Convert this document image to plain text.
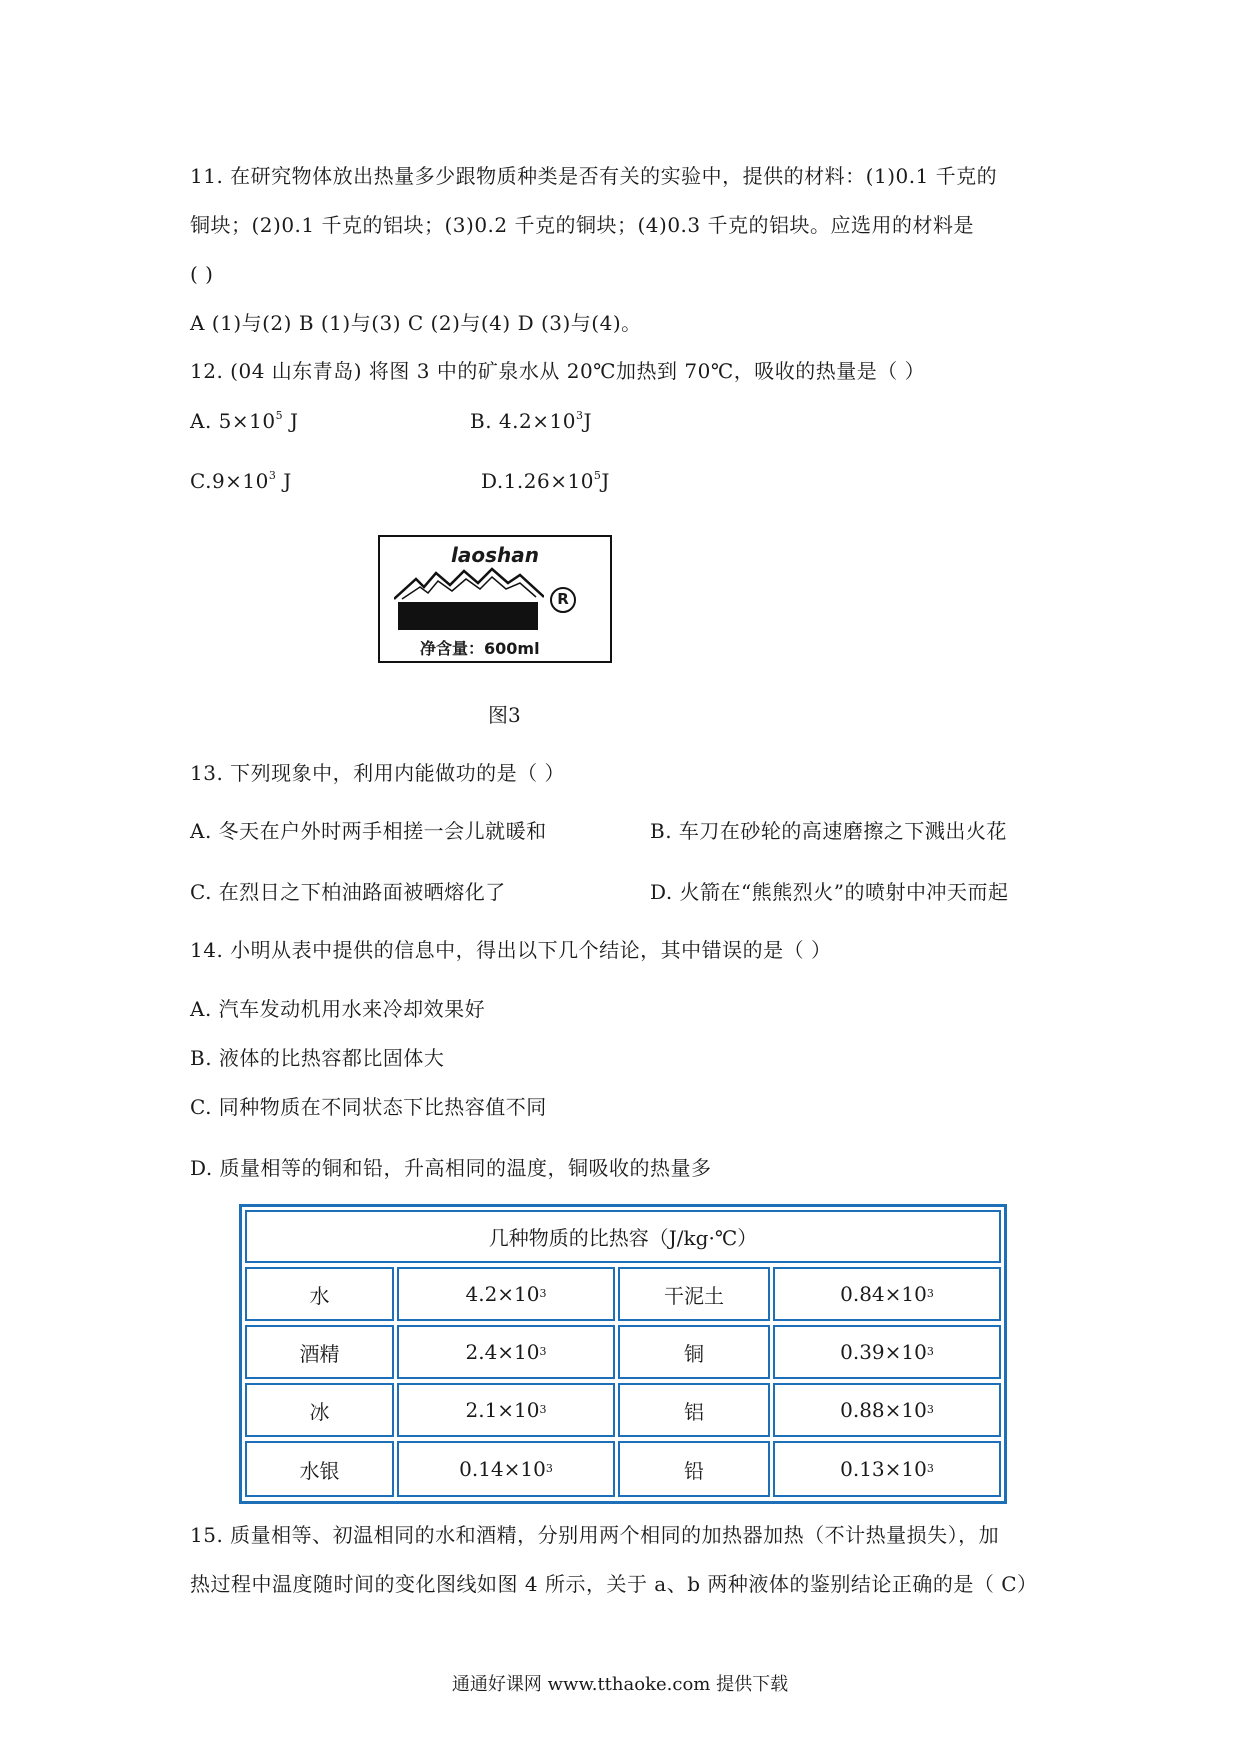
11. 在研究物体放出热量多少跟物质种类是否有关的实验中，提供的材料：(1)0.1 千克的
铜块；(2)0.1 千克的铝块；(3)0.2 千克的铜块；(4)0.3 千克的铝块。应选用的材料是
( )
A (1)与(2) B (1)与(3) C (2)与(4) D (3)与(4)。
12. (04 山东青岛) 将图 3 中的矿泉水从 20℃加热到 70℃，吸收的热量是（ ）
A. $5\times 10^5$ J	B. $4.2\times 10^3J$
$C.9\times 10^3$ J	$D.1.26\times 10^5J$
laoshan
R
净含量：600ml
图3
13. 下列现象中，利用内能做功的是（ ）
A. 冬天在户外时两手相搓一会儿就暖和	B. 车刀在砂轮的高速磨擦之下溅出火花
C. 在烈日之下柏油路面被晒熔化了	D. 火箭在“熊熊烈火”的喷射中冲天而起
14. 小明从表中提供的信息中，得出以下几个结论，其中错误的是（ ）
A. 汽车发动机用水来冷却效果好
B. 液体的比热容都比固体大
C. 同种物质在不同状态下比热容值不同
D. 质量相等的铜和铅，升高相同的温度，铜吸收的热量多
几种物质的比热容（J/kg·℃）
水	4.2×10 3	干泥土	0.84×10 3
酒精	2.4×10 3	铜	0.39×10 3
冰	2.1×10 3	铝	0.88×10 3
水银	0.14×10 3	铅	0.13×10 3
15. 质量相等、初温相同的水和酒精，分别用两个相同的加热器加热（不计热量损失），加
热过程中温度随时间的变化图线如图 4 所示，关于 a、b 两种液体的鉴别结论正确的是（ C）
通通好课网 www.tthaoke.com 提供下载
